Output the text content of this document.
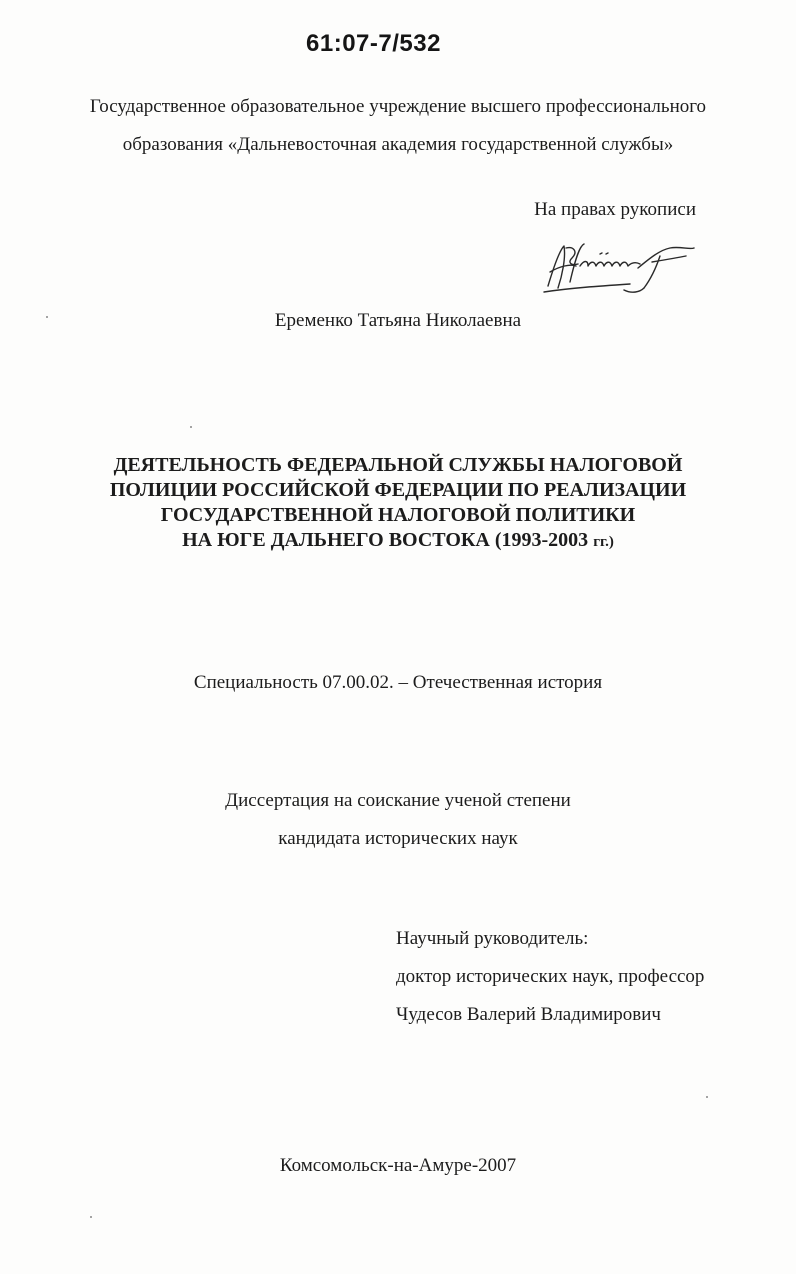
61:07-7/532
Государственное образовательное учреждение высшего профессионального
образования «Дальневосточная академия государственной службы»
На правах рукописи
Еременко Татьяна Николаевна
ДЕЯТЕЛЬНОСТЬ ФЕДЕРАЛЬНОЙ СЛУЖБЫ НАЛОГОВОЙ
ПОЛИЦИИ РОССИЙСКОЙ ФЕДЕРАЦИИ ПО РЕАЛИЗАЦИИ
ГОСУДАРСТВЕННОЙ НАЛОГОВОЙ ПОЛИТИКИ
НА ЮГЕ ДАЛЬНЕГО ВОСТОКА (1993-2003 гг.)
Специальность 07.00.02. – Отечественная история
Диссертация на соискание ученой степени
кандидата исторических наук
Научный руководитель:
доктор исторических наук, профессор
Чудесов Валерий Владимирович
Комсомольск-на-Амуре-2007
